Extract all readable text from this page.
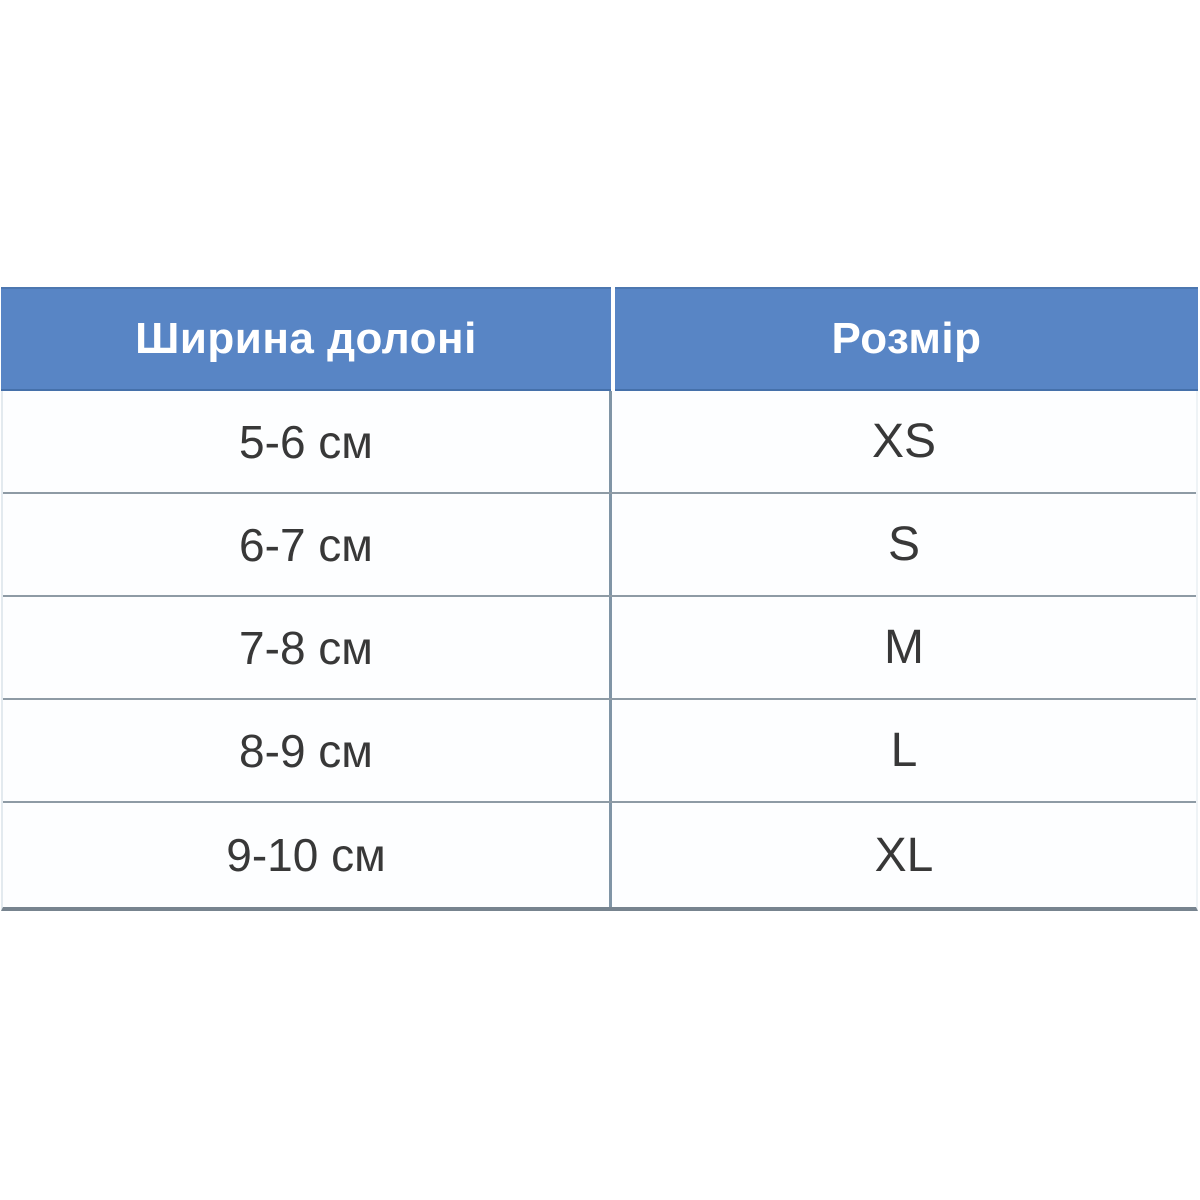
Ширина долоні	Розмір
5-6 см	XS
6-7 см	S
7-8 см	M
8-9 см	L
9-10 см	XL
